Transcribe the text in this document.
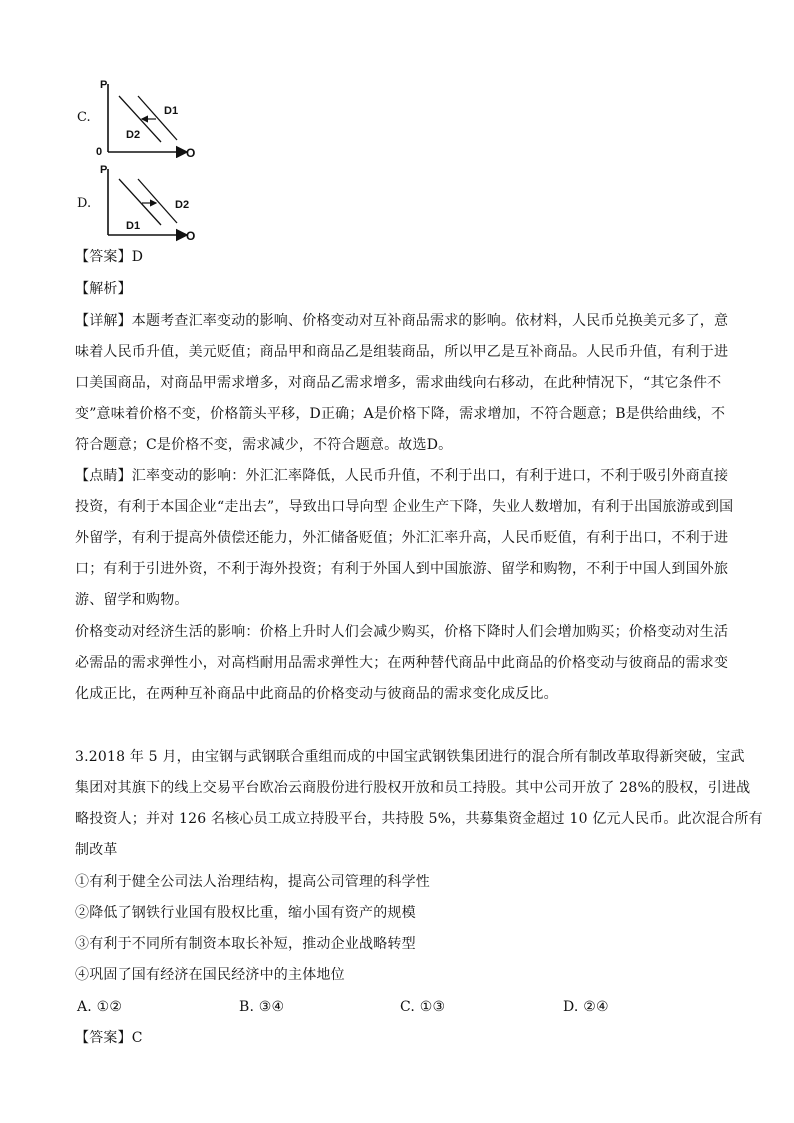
C.
P
0	O
D1
D2
D.
P
O
D2
D1
【答案】D
【解析】
【详解】本题考查汇率变动的影响、价格变动对互补商品需求的影响。依材料，人民币兑换美元多了，意
味着人民币升值，美元贬值；商品甲和商品乙是组装商品，所以甲乙是互补商品。人民币升值，有利于进
口美国商品，对商品甲需求增多，对商品乙需求增多，需求曲线向右移动，在此种情况下，“其它条件不
变”意味着价格不变，价格箭头平移，D正确；A是价格下降，需求增加，不符合题意；B是供给曲线，不
符合题意；C是价格不变，需求减少，不符合题意。故选D。
【点睛】汇率变动的影响：外汇汇率降低，人民币升值，不利于出口，有利于进口，不利于吸引外商直接
投资，有利于本国企业“走出去”，导致出口导向型 企业生产下降，失业人数增加，有利于出国旅游或到国
外留学，有利于提高外债偿还能力，外汇储备贬值；外汇汇率升高，人民币贬值，有利于出口，不利于进
口；有利于引进外资，不利于海外投资；有利于外国人到中国旅游、留学和购物，不利于中国人到国外旅
游、留学和购物。
价格变动对经济生活的影响：价格上升时人们会减少购买，价格下降时人们会增加购买；价格变动对生活
必需品的需求弹性小，对高档耐用品需求弹性大；在两种替代商品中此商品的价格变动与彼商品的需求变
化成正比，在两种互补商品中此商品的价格变动与彼商品的需求变化成反比。
3.2018 年 5 月，由宝钢与武钢联合重组而成的中国宝武钢铁集团进行的混合所有制改革取得新突破，宝武
集团对其旗下的线上交易平台欧冶云商股份进行股权开放和员工持股。其中公司开放了 28%的股权，引进战
略投资人；并对 126 名核心员工成立持股平台，共持股 5%，共募集资金超过 10 亿元人民币。此次混合所有
制改革
①有利于健全公司法人治理结构，提高公司管理的科学性
②降低了钢铁行业国有股权比重，缩小国有资产的规模
③有利于不同所有制资本取长补短，推动企业战略转型
④巩固了国有经济在国民经济中的主体地位
A. ①②	B. ③④	C. ①③	D. ②④
【答案】C
